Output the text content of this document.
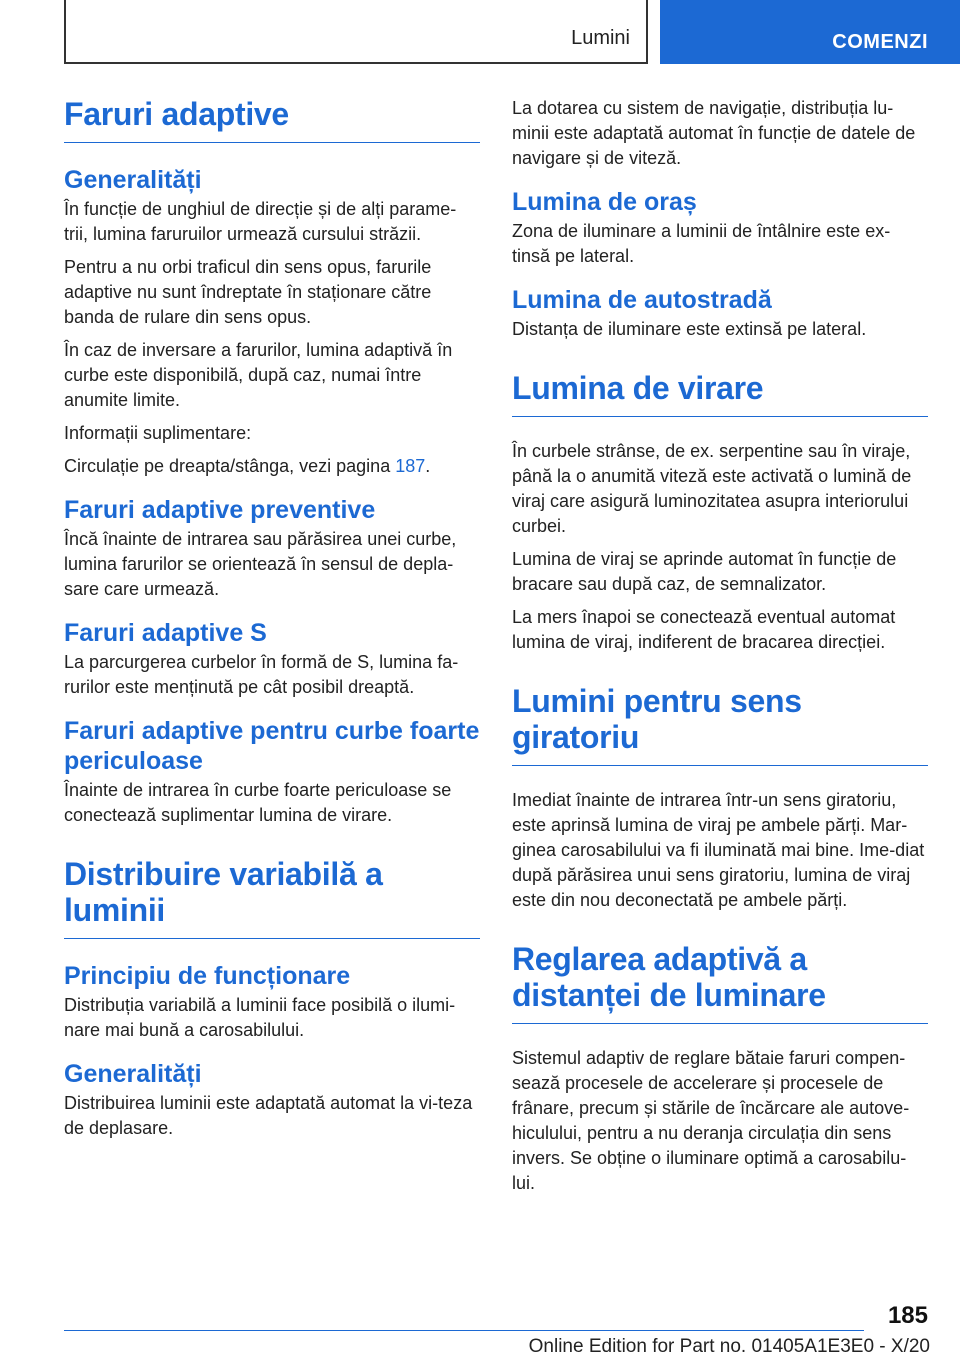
Lumini	COMENZI
Faruri adaptive
Generalități

În funcție de unghiul de direcție și de alți parame-trii, lumina faruruilor urmează cursului străzii.

Pentru a nu orbi traficul din sens opus, farurile adaptive nu sunt îndreptate în staționare către banda de rulare din sens opus.

În caz de inversare a farurilor, lumina adaptivă în curbe este disponibilă, după caz, numai între anumite limite.

Informații suplimentare:

Circulație pe dreapta/stânga, vezi pagina 187.

Faruri adaptive preventive

Încă înainte de intrarea sau părăsirea unei curbe, lumina farurilor se orientează în sensul de depla-sare care urmează.

Faruri adaptive S

La parcurgerea curbelor în formă de S, lumina fa-rurilor este menținută pe cât posibil dreaptă.

Faruri adaptive pentru curbe foarte periculoase

Înainte de intrarea în curbe foarte periculoase se conectează suplimentar lumina de virare.

Distribuire variabilă a luminii
Principiu de funcționare

Distribuția variabilă a luminii face posibilă o ilumi-nare mai bună a carosabilului.

Generalități

Distribuirea luminii este adaptată automat la vi-teza de deplasare.

La dotarea cu sistem de navigație, distribuția lu-minii este adaptată automat în funcție de datele de navigare și de viteză.

Lumina de oraș

Zona de iluminare a luminii de întâlnire este ex-tinsă pe lateral.

Lumina de autostradă

Distanța de iluminare este extinsă pe lateral.

Lumina de virare

În curbele strânse, de ex. serpentine sau în viraje, până la o anumită viteză este activată o lumină de viraj care asigură luminozitatea asupra interiorului curbei.

Lumina de viraj se aprinde automat în funcție de bracare sau după caz, de semnalizator.

La mers înapoi se conectează eventual automat lumina de viraj, indiferent de bracarea direcției.

Lumini pentru sens giratoriu

Imediat înainte de intrarea într-un sens giratoriu, este aprinsă lumina de viraj pe ambele părți. Mar-ginea carosabilului va fi iluminată mai bine. Ime-diat după părăsirea unui sens giratoriu, lumina de viraj este din nou deconectată pe ambele părți.

Reglarea adaptivă a distanței de luminare

Sistemul adaptiv de reglare bătaie faruri compen-sează procesele de accelerare și procesele de frânare, precum și stările de încărcare ale autove-hiculului, pentru a nu deranja circulația din sens invers. Se obține o iluminare optimă a carosabilu-lui.

185
Online Edition for Part no. 01405A1E3E0 - X/20
